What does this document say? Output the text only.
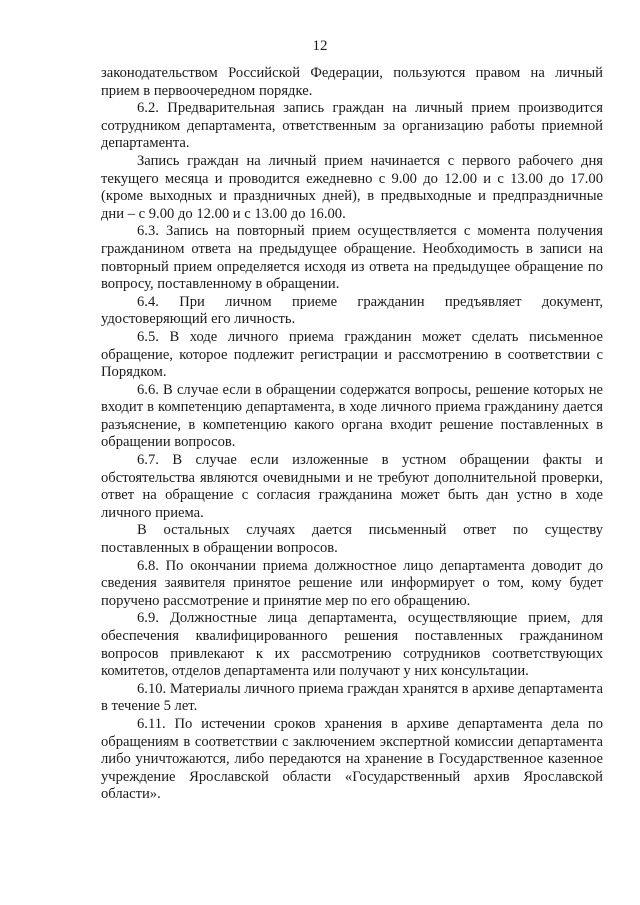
12

законодательством Российской Федерации, пользуются правом на личный прием в первоочередном порядке.

6.2. Предварительная запись граждан на личный прием производится сотрудником департамента, ответственным за организацию работы приемной департамента.

Запись граждан на личный прием начинается с первого рабочего дня текущего месяца и проводится ежедневно с 9.00 до 12.00 и с 13.00 до 17.00 (кроме выходных и праздничных дней), в предвыходные и предпраздничные дни – с 9.00 до 12.00 и с 13.00 до 16.00.

6.3. Запись на повторный прием осуществляется с момента получения гражданином ответа на предыдущее обращение. Необходимость в записи на повторный прием определяется исходя из ответа на предыдущее обращение по вопросу, поставленному в обращении.

6.4. При личном приеме гражданин предъявляет документ, удостоверяющий его личность.

6.5. В ходе личного приема гражданин может сделать письменное обращение, которое подлежит регистрации и рассмотрению в соответствии с Порядком.

6.6. В случае если в обращении содержатся вопросы, решение которых не входит в компетенцию департамента, в ходе личного приема гражданину дается разъяснение, в компетенцию какого органа входит решение поставленных в обращении вопросов.

6.7. В случае если изложенные в устном обращении факты и обстоятельства являются очевидными и не требуют дополнительной проверки, ответ на обращение с согласия гражданина может быть дан устно в ходе личного приема.

В остальных случаях дается письменный ответ по существу поставленных в обращении вопросов.

6.8. По окончании приема должностное лицо департамента доводит до сведения заявителя принятое решение или информирует о том, кому будет поручено рассмотрение и принятие мер по его обращению.

6.9. Должностные лица департамента, осуществляющие прием, для обеспечения квалифицированного решения поставленных гражданином вопросов привлекают к их рассмотрению сотрудников соответствующих комитетов, отделов департамента или получают у них консультации.

6.10. Материалы личного приема граждан хранятся в архиве департамента в течение 5 лет.

6.11. По истечении сроков хранения в архиве департамента дела по обращениям в соответствии с заключением экспертной комиссии департамента либо уничтожаются, либо передаются на хранение в Государственное казенное учреждение Ярославской области «Государственный архив Ярославской области».
